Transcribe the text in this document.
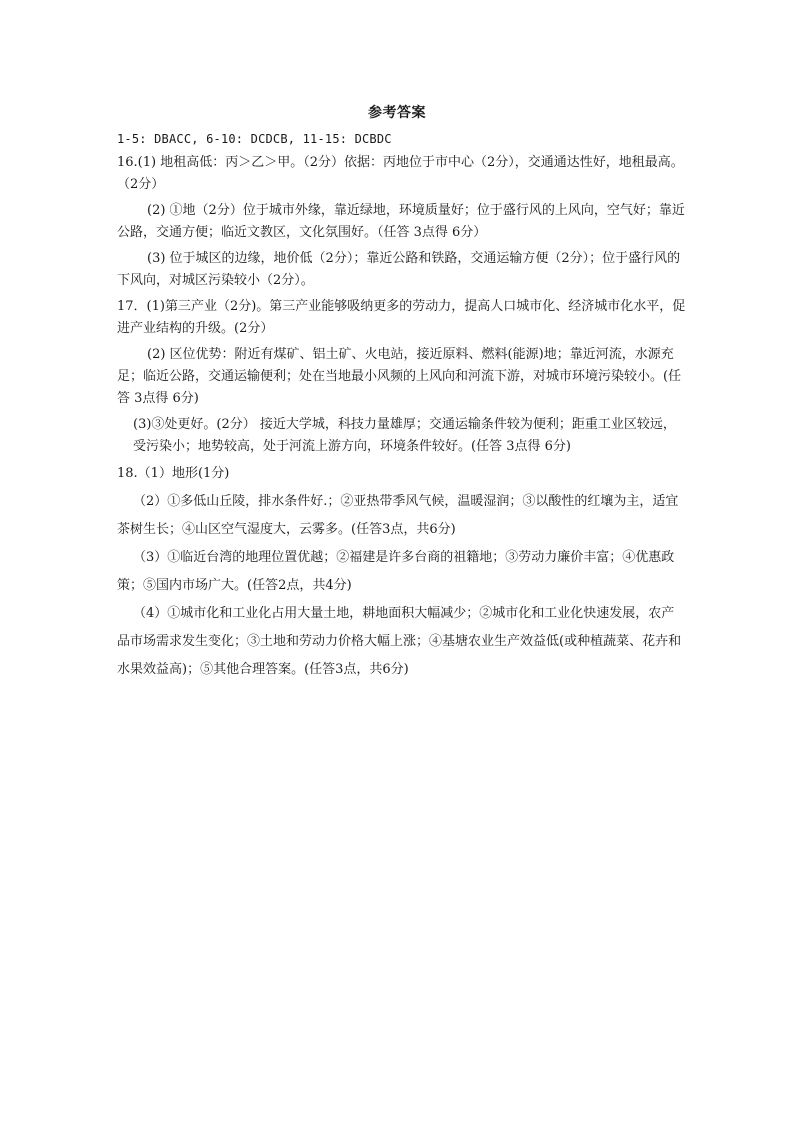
参考答案

1-5: DBACC, 6-10: DCDCB, 11-15: DCBDC

16.(1) 地租高低：丙＞乙＞甲。（2分）依据：丙地位于市中心（2分），交通通达性好，地租最高。（2分）

(2) ①地（2分）位于城市外缘，靠近绿地，环境质量好；位于盛行风的上风向，空气好；靠近公路，交通方便；临近文教区，文化氛围好。（任答 3点得 6分）

(3) 位于城区的边缘，地价低（2分）；靠近公路和铁路，交通运输方便（2分）；位于盛行风的下风向，对城区污染较小（2分）。

17．(1)第三产业（2分)。第三产业能够吸纳更多的劳动力，提高人口城市化、经济城市化水平，促进产业结构的升级。(2分）

(2) 区位优势：附近有煤矿、铝土矿、火电站，接近原料、燃料(能源)地；靠近河流，水源充足；临近公路，交通运输便利；处在当地最小风频的上风向和河流下游，对城市环境污染较小。(任答 3点得 6分)

(3)③处更好。(2分） 接近大学城，科技力量雄厚；交通运输条件较为便利；距重工业区较远，受污染小；地势较高，处于河流上游方向，环境条件较好。(任答 3点得 6分)

18.（1）地形(1分)

（2）①多低山丘陵，排水条件好.；②亚热带季风气候，温暖湿润；③以酸性的红壤为主，适宜茶树生长；④山区空气湿度大，云雾多。(任答3点，共6分)

（3）①临近台湾的地理位置优越；②福建是许多台商的祖籍地；③劳动力廉价丰富；④优惠政策；⑤国内市场广大。(任答2点，共4分)

（4）①城市化和工业化占用大量土地，耕地面积大幅减少；②城市化和工业化快速发展，农产品市场需求发生变化；③土地和劳动力价格大幅上涨；④基塘农业生产效益低(或种植蔬菜、花卉和水果效益高)；⑤其他合理答案。(任答3点，共6分)
